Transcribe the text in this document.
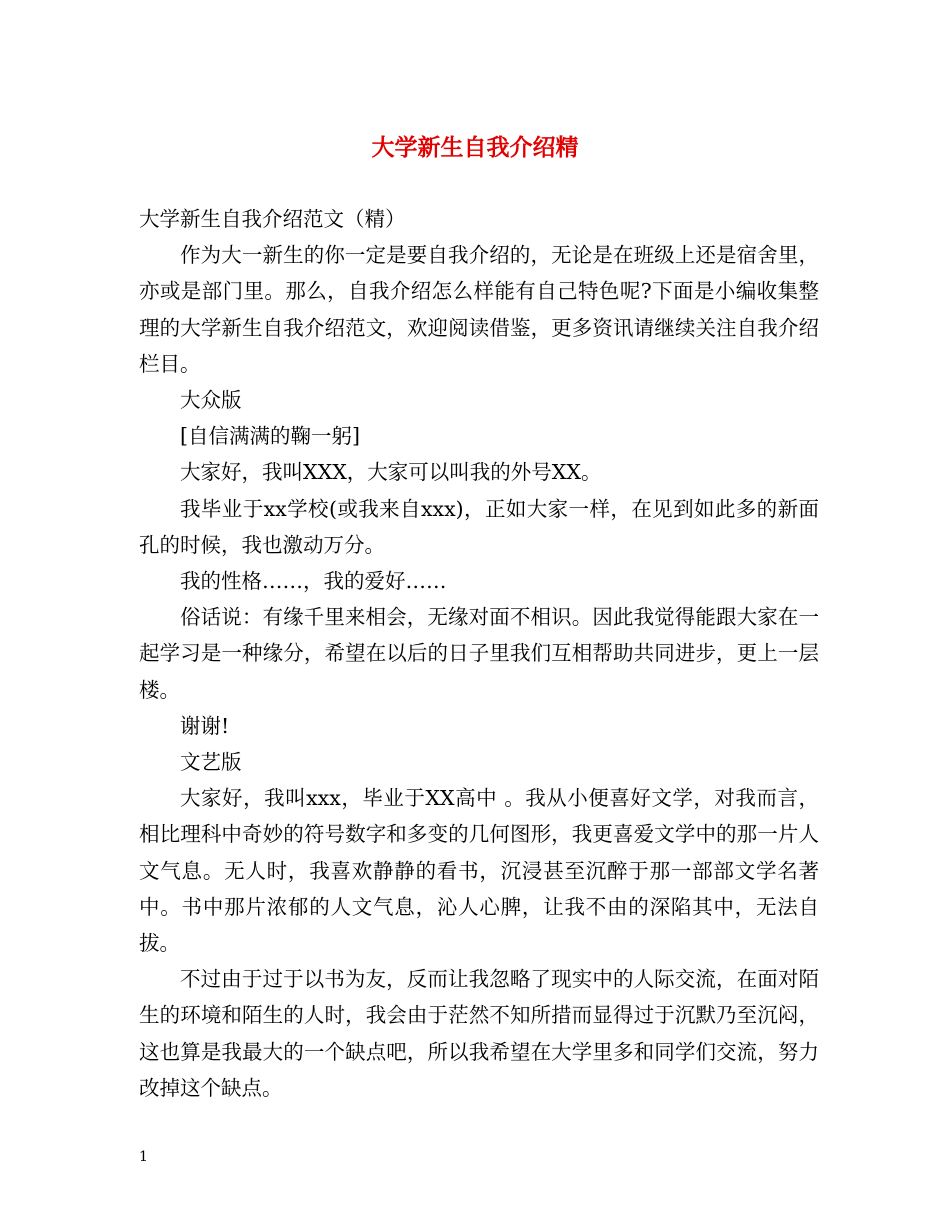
大学新生自我介绍精

大学新生自我介绍范文（精）

作为大一新生的你一定是要自我介绍的，无论是在班级上还是宿舍里，亦或是部门里。那么，自我介绍怎么样能有自己特色呢?下面是小编收集整理的大学新生自我介绍范文，欢迎阅读借鉴，更多资讯请继续关注自我介绍栏目。

大众版

[自信满满的鞠一躬]

大家好，我叫XXX，大家可以叫我的外号XX。

我毕业于xx学校(或我来自xxx)，正如大家一样，在见到如此多的新面孔的时候，我也激动万分。

我的性格……，我的爱好……

俗话说：有缘千里来相会，无缘对面不相识。因此我觉得能跟大家在一起学习是一种缘分，希望在以后的日子里我们互相帮助共同进步，更上一层楼。

谢谢!

文艺版

大家好，我叫xxx，毕业于XX高中 。我从小便喜好文学，对我而言，相比理科中奇妙的符号数字和多变的几何图形，我更喜爱文学中的那一片人文气息。无人时，我喜欢静静的看书，沉浸甚至沉醉于那一部部文学名著中。书中那片浓郁的人文气息，沁人心脾，让我不由的深陷其中，无法自拔。

不过由于过于以书为友，反而让我忽略了现实中的人际交流，在面对陌生的环境和陌生的人时，我会由于茫然不知所措而显得过于沉默乃至沉闷，这也算是我最大的一个缺点吧，所以我希望在大学里多和同学们交流，努力改掉这个缺点。

1
